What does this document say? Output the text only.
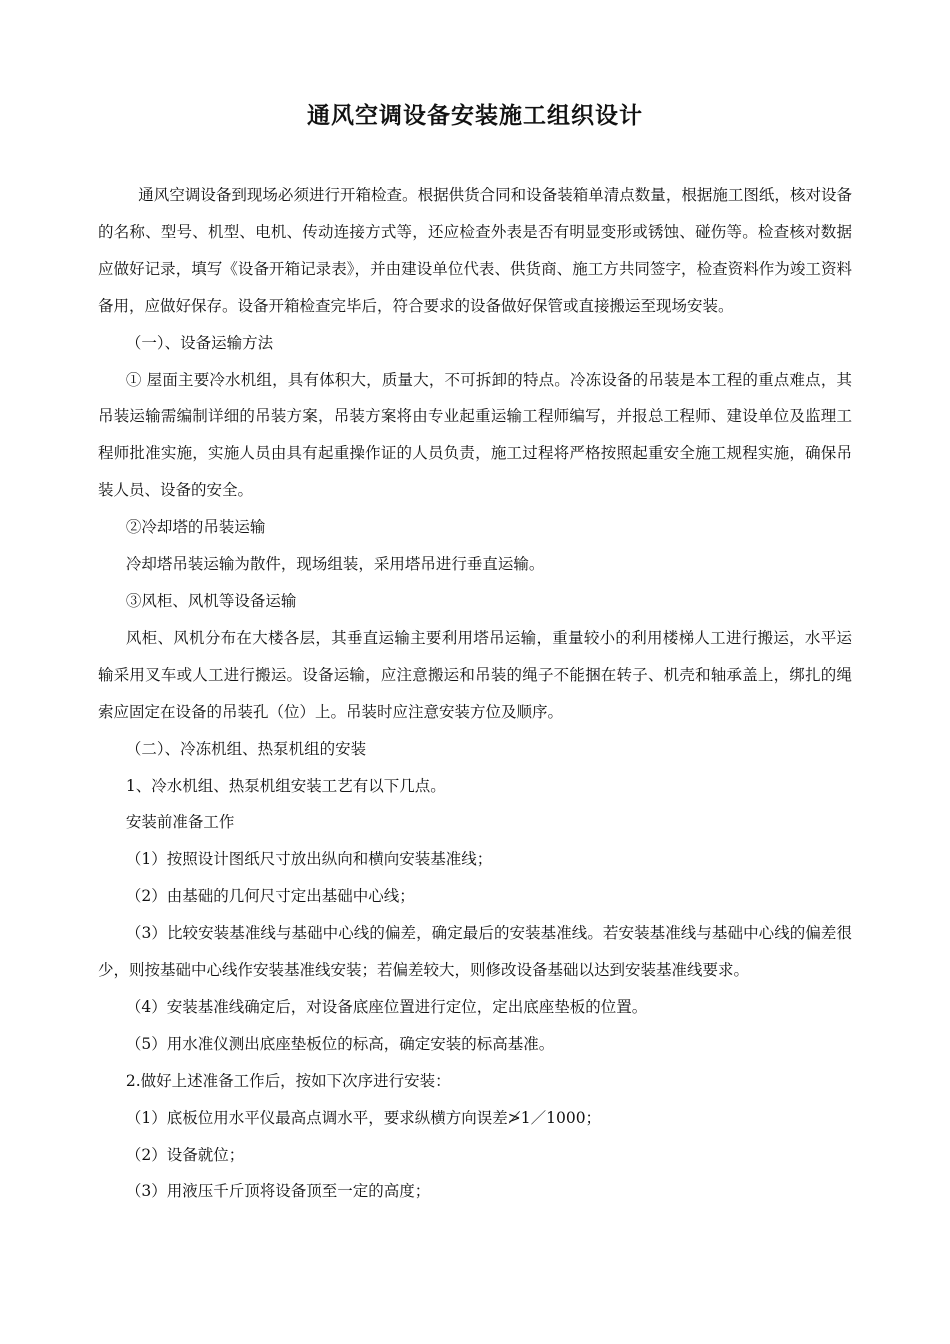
通风空调设备安装施工组织设计

通风空调设备到现场必须进行开箱检查。根据供货合同和设备装箱单清点数量，根据施工图纸，核对设备的名称、型号、机型、电机、传动连接方式等，还应检查外表是否有明显变形或锈蚀、碰伤等。检查核对数据应做好记录，填写《设备开箱记录表》，并由建设单位代表、供货商、施工方共同签字，检查资料作为竣工资料备用，应做好保存。设备开箱检查完毕后，符合要求的设备做好保管或直接搬运至现场安装。

（一）、设备运输方法

① 屋面主要冷水机组，具有体积大，质量大，不可拆卸的特点。冷冻设备的吊装是本工程的重点难点，其吊装运输需编制详细的吊装方案，吊装方案将由专业起重运输工程师编写，并报总工程师、建设单位及监理工程师批准实施，实施人员由具有起重操作证的人员负责，施工过程将严格按照起重安全施工规程实施，确保吊装人员、设备的安全。

②冷却塔的吊装运输

冷却塔吊装运输为散件，现场组装，采用塔吊进行垂直运输。

③风柜、风机等设备运输

风柜、风机分布在大楼各层，其垂直运输主要利用塔吊运输，重量较小的利用楼梯人工进行搬运，水平运输采用叉车或人工进行搬运。设备运输，应注意搬运和吊装的绳子不能捆在转子、机壳和轴承盖上，绑扎的绳索应固定在设备的吊装孔（位）上。吊装时应注意安装方位及顺序。

（二）、冷冻机组、热泵机组的安装

1、冷水机组、热泵机组安装工艺有以下几点。

安装前准备工作

（1）按照设计图纸尺寸放出纵向和横向安装基准线；

（2）由基础的几何尺寸定出基础中心线；

（3）比较安装基准线与基础中心线的偏差，确定最后的安装基准线。若安装基准线与基础中心线的偏差很少，则按基础中心线作安装基准线安装；若偏差较大，则修改设备基础以达到安装基准线要求。

（4）安装基准线确定后，对设备底座位置进行定位，定出底座垫板的位置。

（5）用水准仪测出底座垫板位的标高，确定安装的标高基准。

2.做好上述准备工作后，按如下次序进行安装：

（1）底板位用水平仪最高点调水平，要求纵横方向误差≯1／1000；

（2）设备就位；

（3）用液压千斤顶将设备顶至一定的高度；
